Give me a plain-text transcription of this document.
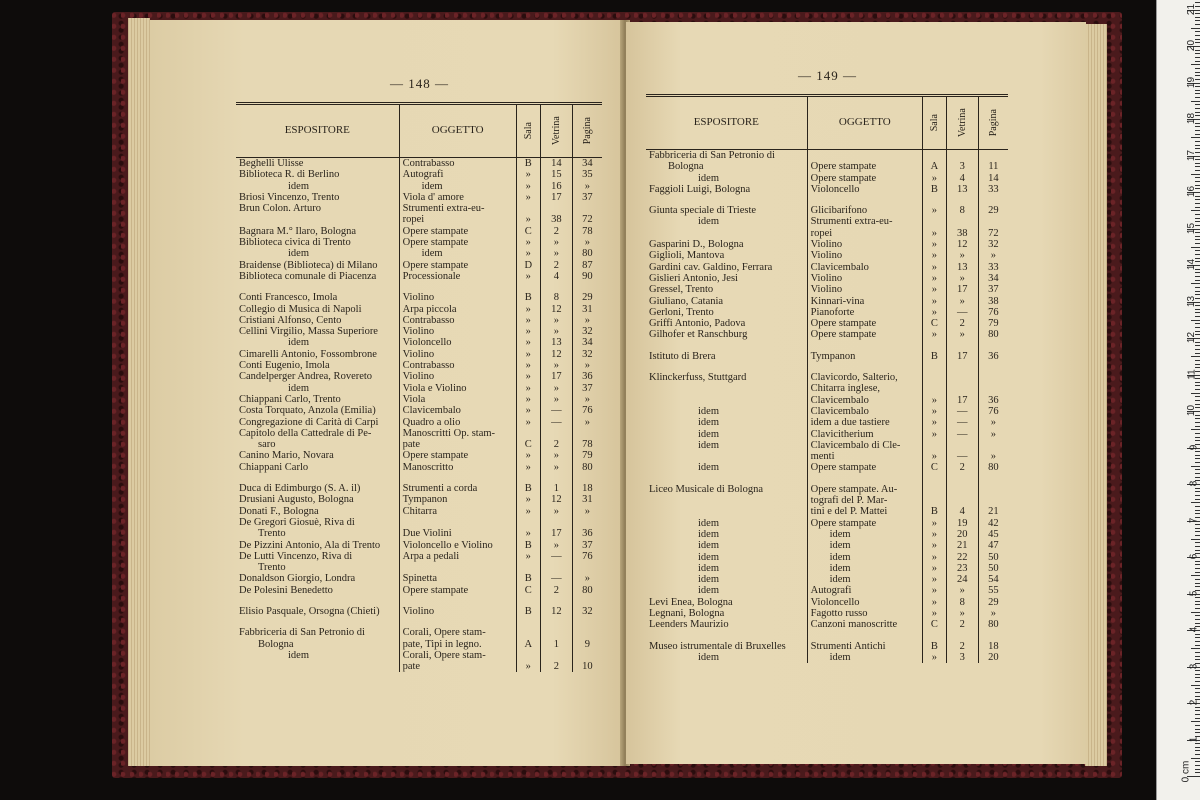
— 148 —
ESPOSITORE	OGGETTO	Sala	Vetrina	Pagina
Beghelli Ulisse	Contrabasso	B	14	34
Biblioteca R. di Berlino	Autografi	»	15	35
idem	idem	»	16	»
Briosi Vincenzo, Trento	Viola d' amore	»	17	37
Brun Colon. Arturo	Strumenti extra-eu-			
	ropei	»	38	72
Bagnara M.° Ilaro, Bologna	Opere stampate	C	2	78
Biblioteca civica di Trento	Opere stampate	»	»	»
idem	idem	»	»	80
Braidense (Biblioteca) di Milano	Opere stampate	D	2	87
Biblioteca comunale di Piacenza	Processionale	»	4	90

Conti Francesco, Imola	Violino	B	8	29
Collegio di Musica di Napoli	Arpa piccola	»	12	31
Cristiani Alfonso, Cento	Contrabasso	»	»	»
Cellini Virgilio, Massa Superiore	Violino	»	»	32
idem	Violoncello	»	13	34
Cimarelli Antonio, Fossombrone	Violino	»	12	32
Conti Eugenio, Imola	Contrabasso	»	»	»
Candelperger Andrea, Rovereto	Violino	»	17	36
idem	Viola e Violino	»	»	37
Chiappani Carlo, Trento	Viola	»	»	»
Costa Torquato, Anzola (Emilia)	Clavicembalo	»	—	76
Congregazione di Carità di Carpi	Quadro a olio	»	—	»
Capitolo della Cattedrale di Pe-	Manoscritti Op. stam-			
saro	pate	C	2	78
Canino Mario, Novara	Opere stampate	»	»	79
Chiappani Carlo	Manoscritto	»	»	80

Duca di Edimburgo (S. A. il)	Strumenti a corda	B	1	18
Drusiani Augusto, Bologna	Tympanon	»	12	31
Donati F., Bologna	Chitarra	»	»	»
De Gregori Giosuè, Riva di				
Trento	Due Violini	»	17	36
De Pizzini Antonio, Ala di Trento	Violoncello e Violino	B	»	37
De Lutti Vincenzo, Riva di	Arpa a pedali	»	—	76
Trento				
Donaldson Giorgio, Londra	Spinetta	B	—	»
De Polesini Benedetto	Opere stampate	C	2	80

Elisio Pasquale, Orsogna (Chieti)	Violino	B	12	32

Fabbriceria di San Petronio di	Corali, Opere stam-			
Bologna	pate, Tipi in legno.	A	1	9
idem	Corali, Opere stam-			
	pate	»	2	10
— 149 —
ESPOSITORE	OGGETTO	Sala	Vetrina	Pagina
Fabbriceria di San Petronio di				
Bologna	Opere stampate	A	3	11
idem	Opere stampate	»	4	14
Faggioli Luigi, Bologna	Violoncello	B	13	33

Giunta speciale di Trieste	Glicibarifono	»	8	29
idem	Strumenti extra-eu-			
	ropei	»	38	72
Gasparini D., Bologna	Violino	»	12	32
Giglioli, Mantova	Violino	»	»	»
Gardini cav. Galdino, Ferrara	Clavicembalo	»	13	33
Gislieri Antonio, Jesi	Violino	»	»	34
Gressel, Trento	Violino	»	17	37
Giuliano, Catania	Kinnari-vina	»	»	38
Gerloni, Trento	Pianoforte	»	—	76
Griffi Antonio, Padova	Opere stampate	C	2	79
Gilhofer et Ranschburg	Opere stampate	»	»	80

Istituto di Brera	Tympanon	B	17	36

Klinckerfuss, Stuttgard	Clavicordo, Salterio,			
	Chitarra inglese,			
	Clavicembalo	»	17	36
idem	Clavicembalo	»	—	76
idem	idem a due tastiere	»	—	»
idem	Clavicitherium	»	—	»
idem	Clavicembalo di Cle-			
	menti	»	—	»
idem	Opere stampate	C	2	80

Liceo Musicale di Bologna	Opere stampate. Au-			
	tografi del P. Mar-			
	tini e del P. Mattei	B	4	21
idem	Opere stampate	»	19	42
idem	idem	»	20	45
idem	idem	»	21	47
idem	idem	»	22	50
idem	idem	»	23	50
idem	idem	»	24	54
idem	Autografi	»	»	55
Levi Enea, Bologna	Violoncello	»	8	29
Legnani, Bologna	Fagotto russo	»	»	»
Leenders Maurizio	Canzoni manoscritte	C	2	80

Museo istrumentale di Bruxelles	Strumenti Antichi	B	2	18
idem	idem	»	3	20
0 cm
1
2
3
4
5
6
7
8
9
10
11
12
13
14
15
16
17
18
19
20
21
